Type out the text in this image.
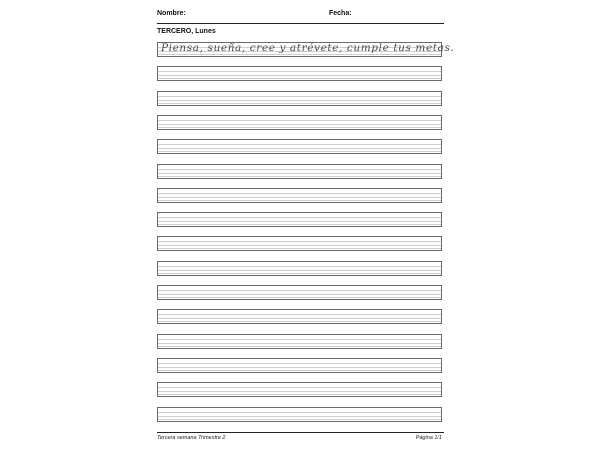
Nombre:	Fecha:
TERCERO, Lunes
Piensa, sueña, cree y atrévete, cumple tus metas.
Tercera semana Trimestre 2	Página 1/1
